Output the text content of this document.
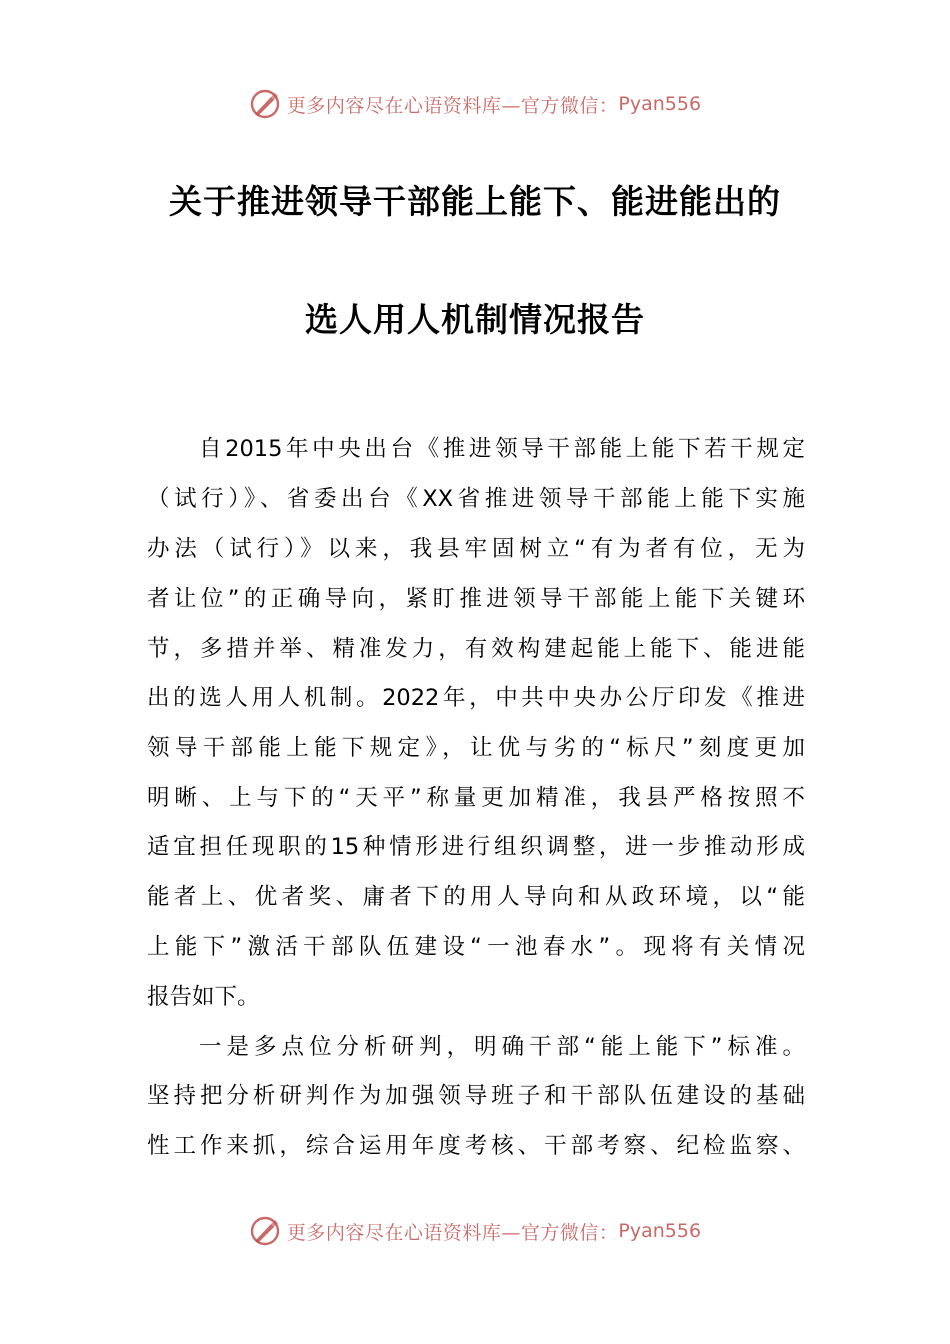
更多内容尽在心语资料库—官方微信： Pyan556
关于推进领导干部能上能下、能进能出的
选人用人机制情况报告
自2015年中央出台《推进领导干部能上能下若干规定
（试行）》、省委出台《XX省推进领导干部能上能下实施
办法（试行）》以来，我县牢固树立“有为者有位，无为
者让位”的正确导向，紧盯推进领导干部能上能下关键环
节，多措并举、精准发力，有效构建起能上能下、能进能
出的选人用人机制。2022年，中共中央办公厅印发《推进
领导干部能上能下规定》，让优与劣的“标尺”刻度更加
明晰、上与下的“天平”称量更加精准，我县严格按照不
适宜担任现职的15种情形进行组织调整，进一步推动形成
能者上、优者奖、庸者下的用人导向和从政环境，以“能
上能下”激活干部队伍建设“一池春水”。现将有关情况
报告如下。
一是多点位分析研判，明确干部“能上能下”标准。
坚持把分析研判作为加强领导班子和干部队伍建设的基础
性工作来抓，综合运用年度考核、干部考察、纪检监察、
更多内容尽在心语资料库—官方微信： Pyan556
